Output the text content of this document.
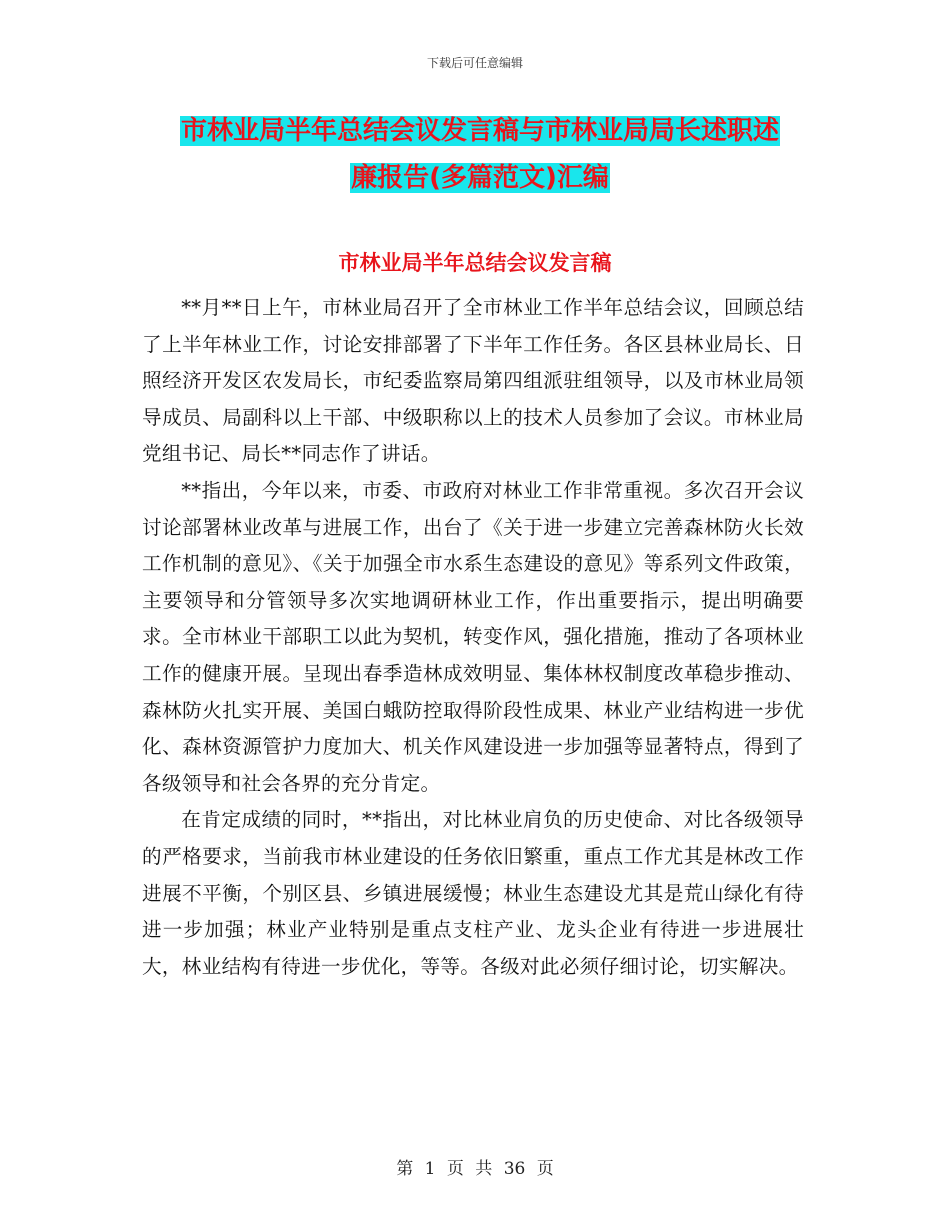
下载后可任意编辑
市林业局半年总结会议发言稿与市林业局局长述职述
廉报告(多篇范文)汇编
市林业局半年总结会议发言稿

**月**日上午，市林业局召开了全市林业工作半年总结会议，回顾总结了上半年林业工作，讨论安排部署了下半年工作任务。各区县林业局长、日照经济开发区农发局长，市纪委监察局第四组派驻组领导，以及市林业局领导成员、局副科以上干部、中级职称以上的技术人员参加了会议。市林业局党组书记、局长**同志作了讲话。

**指出，今年以来，市委、市政府对林业工作非常重视。多次召开会议讨论部署林业改革与进展工作，出台了《关于进一步建立完善森林防火长效工作机制的意见》、《关于加强全市水系生态建设的意见》等系列文件政策，主要领导和分管领导多次实地调研林业工作，作出重要指示，提出明确要求。全市林业干部职工以此为契机，转变作风，强化措施，推动了各项林业工作的健康开展。呈现出春季造林成效明显、集体林权制度改革稳步推动、森林防火扎实开展、美国白蛾防控取得阶段性成果、林业产业结构进一步优化、森林资源管护力度加大、机关作风建设进一步加强等显著特点，得到了各级领导和社会各界的充分肯定。

在肯定成绩的同时，**指出，对比林业肩负的历史使命、对比各级领导的严格要求，当前我市林业建设的任务依旧繁重，重点工作尤其是林改工作进展不平衡，个别区县、乡镇进展缓慢；林业生态建设尤其是荒山绿化有待进一步加强；林业产业特别是重点支柱产业、龙头企业有待进一步进展壮大，林业结构有待进一步优化，等等。各级对此必须仔细讨论，切实解决。

第 1 页 共 36 页
